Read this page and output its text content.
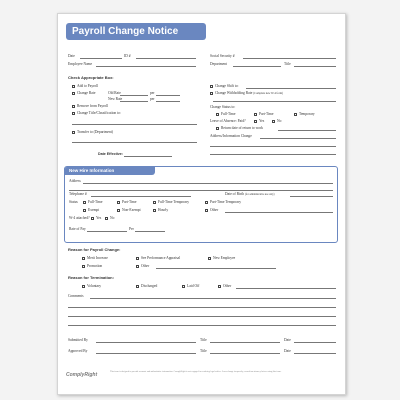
Payroll Change Notice
Date	ID #	Social Security #
Employee Name	Department	Title
Check Appropriate Box:
Add to Payroll
Change Rate	Old Rate	per
New Rate	per
Remove from Payroll
Change Title/Classification to:
Transfer to (Department)
Date Effective:
Change Shift to:
Change Withholding Rate (Complete new W-4 form)
Change Status to:
Full-Time	Part-Time	Temporary
Leave of Absence: Paid?	Yes	No
Return date of return to work
Address/Information Change
New Hire Information
Address
Telephone #	Date of Birth (for administrative use only)
Status	Full-Time	Part-Time	Full-Time Temporary	Part-Time Temporary
Exempt	Non-Exempt	Hourly	Other
W-4 attached?	Yes	No
Rate of Pay	Per
Reason for Payroll Change:
Merit Increase	See Performance Appraisal	New Employee
Promotion	Other
Reason for Termination:
Voluntary	Discharged	Laid Off	Other
Comments
Submitted By	Title	Date
Approved By	Title	Date
ComplyRight	This form is designed to provide accurate and authoritative information. ComplyRight is not engaged in rendering legal advice. Laws change frequently; consult an attorney before using this form.
